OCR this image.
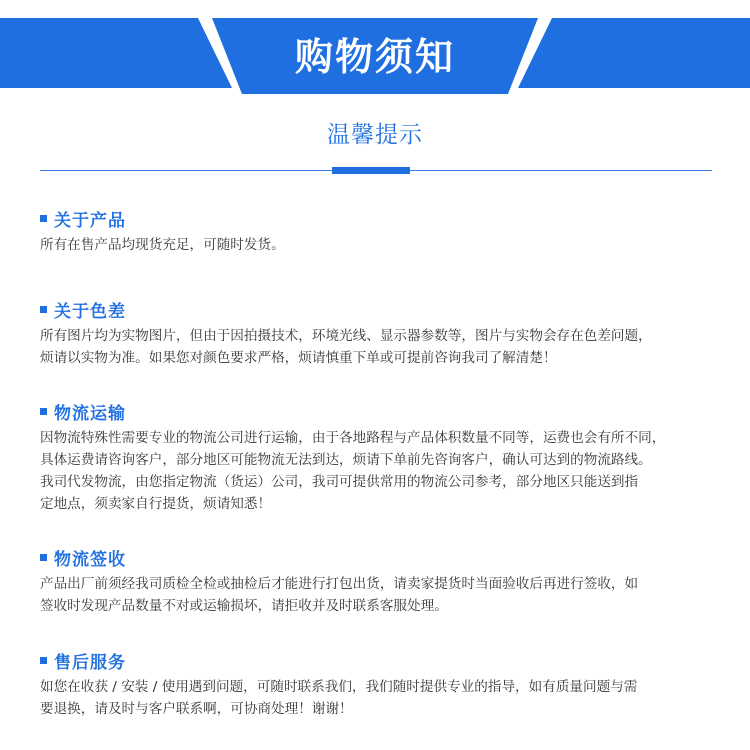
购物须知
温馨提示
关于产品

所有在售产品均现货充足，可随时发货。

关于色差

所有图片均为实物图片，但由于因拍摄技术，环境光线、显示器参数等，图片与实物会存在色差问题，

烦请以实物为准。如果您对颜色要求严格，烦请慎重下单或可提前咨询我司了解清楚！

物流运输

因物流特殊性需要专业的物流公司进行运输，由于各地路程与产品体积数量不同等，运费也会有所不同，

具体运费请咨询客户，部分地区可能物流无法到达，烦请下单前先咨询客户，确认可达到的物流路线。

我司代发物流，由您指定物流（货运）公司，我司可提供常用的物流公司参考，部分地区只能送到指

定地点，须卖家自行提货，烦请知悉！

物流签收

产品出厂前须经我司质检全检或抽检后才能进行打包出货，请卖家提货时当面验收后再进行签收，如

签收时发现产品数量不对或运输损坏，请拒收并及时联系客服处理。

售后服务

如您在收获 / 安装 / 使用遇到问题，可随时联系我们，我们随时提供专业的指导，如有质量问题与需

要退换，请及时与客户联系啊，可协商处理！谢谢！
